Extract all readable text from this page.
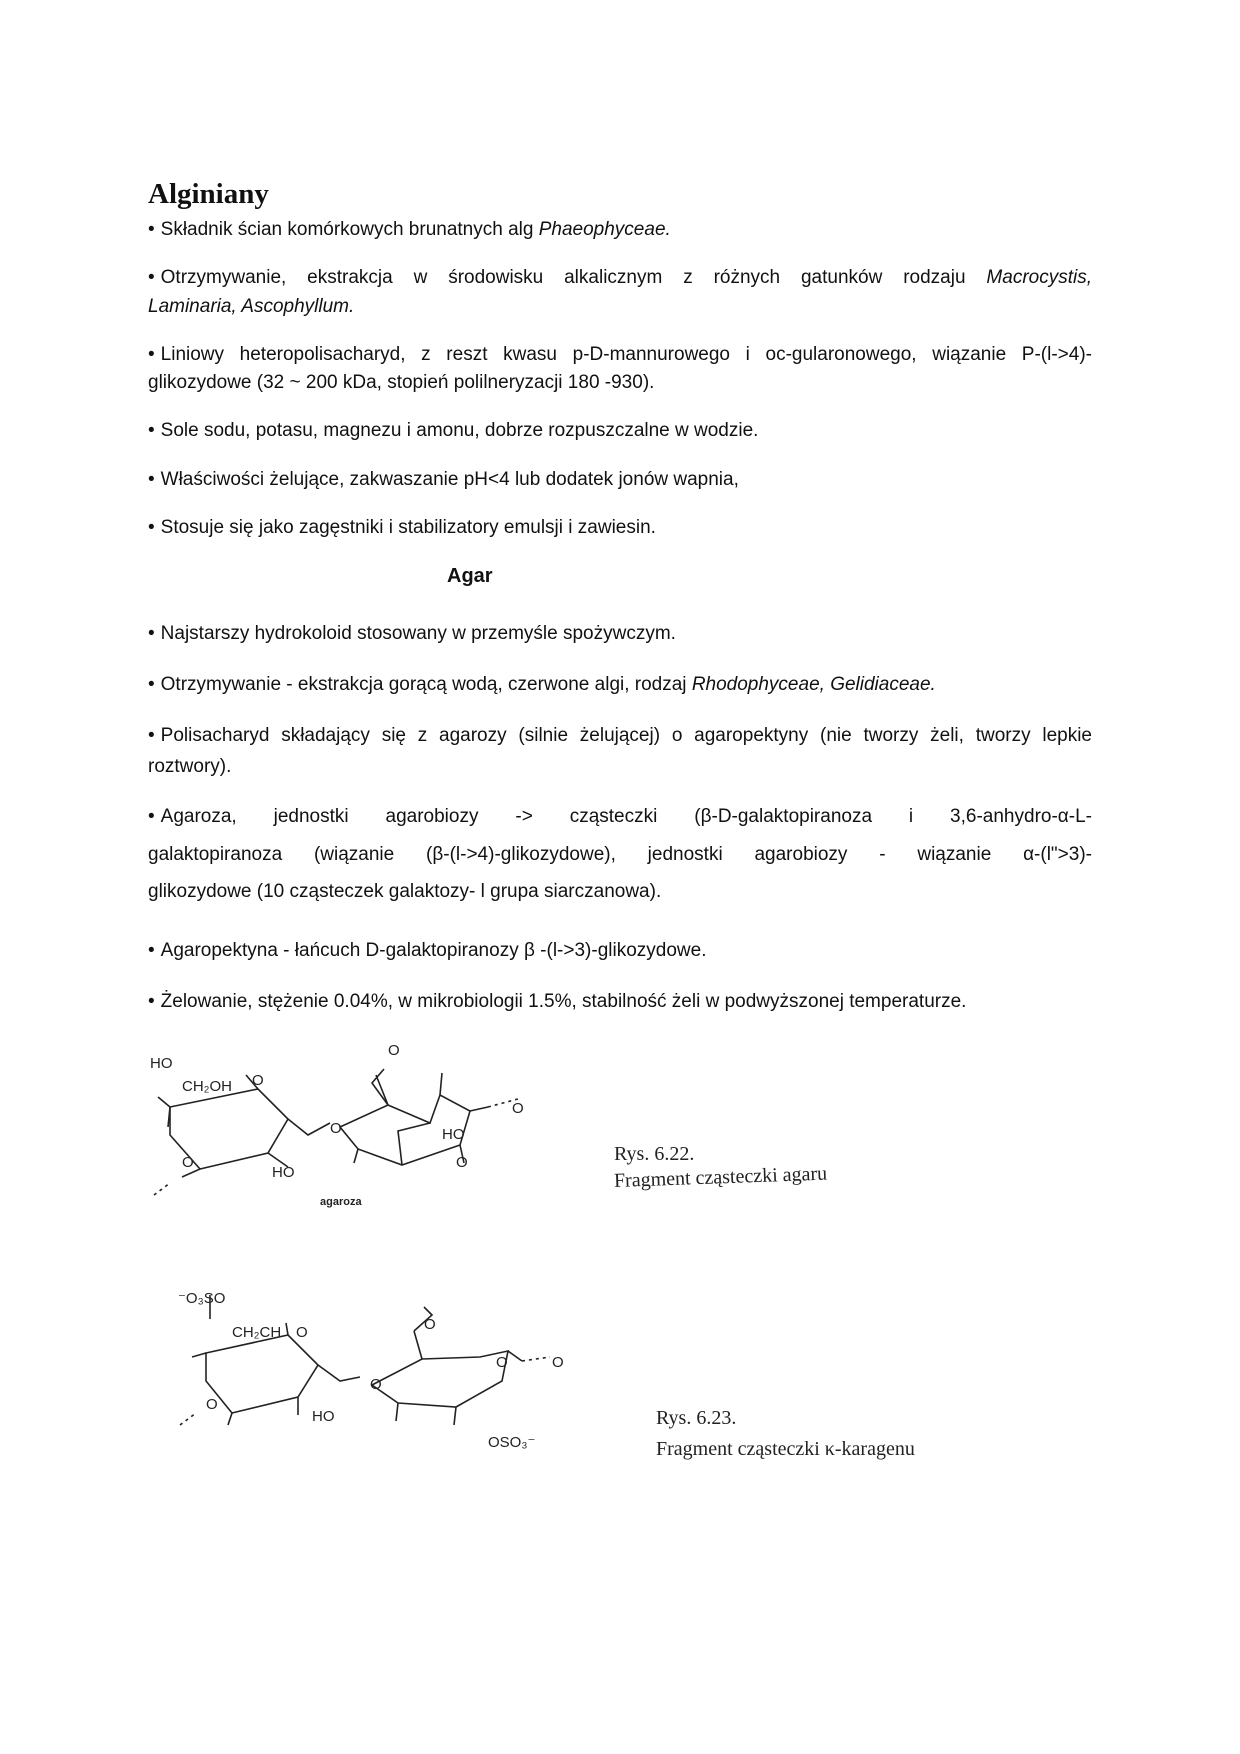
Alginiany
• Składnik ścian komórkowych brunatnych alg Phaeophyceae.
• Otrzymywanie, ekstrakcja w środowisku alkalicznym z różnych gatunków rodzaju Macrocystis,
Laminaria, Ascophyllum.
• Liniowy heteropolisacharyd, z reszt kwasu p-D-mannurowego i oc-gularonowego, wiązanie P-(l->4)-
glikozydowe (32 ~ 200 kDa, stopień polilneryzacji 180 -930).
• Sole sodu, potasu, magnezu i amonu, dobrze rozpuszczalne w wodzie.
• Właściwości żelujące, zakwaszanie pH<4 lub dodatek jonów wapnia,
• Stosuje się jako zagęstniki i stabilizatory emulsji i zawiesin.
Agar
• Najstarszy hydrokoloid stosowany w przemyśle spożywczym.
• Otrzymywanie - ekstrakcja gorącą wodą, czerwone algi, rodzaj Rhodophyceae, Gelidiaceae.
• Polisacharyd składający się z agarozy (silnie żelującej) o agaropektyny (nie tworzy żeli, tworzy lepkie
roztwory).
• Agaroza, jednostki agarobiozy -> cząsteczki (β-D-galaktopiranoza i 3,6-anhydro-α-L-
galaktopiranoza (wiązanie (β-(l->4)-glikozydowe), jednostki agarobiozy - wiązanie α-(l">3)-
glikozydowe (10 cząsteczek galaktozy- l grupa siarczanowa).
• Agaropektyna - łańcuch D-galaktopiranozy β -(l->3)-glikozydowe.
• Żelowanie, stężenie 0.04%, w mikrobiologii 1.5%, stabilność żeli w podwyższonej temperaturze.
HO
CH₂OH O
O
O
HO
O
O
O
HO
agaroza
Rys. 6.22.
Fragment cząsteczki agaru
⁻O₃SO
CH₂CH O
O
O
O	O
O
HO
OSO₃⁻
Rys. 6.23.
Fragment cząsteczki κ-karagenu
